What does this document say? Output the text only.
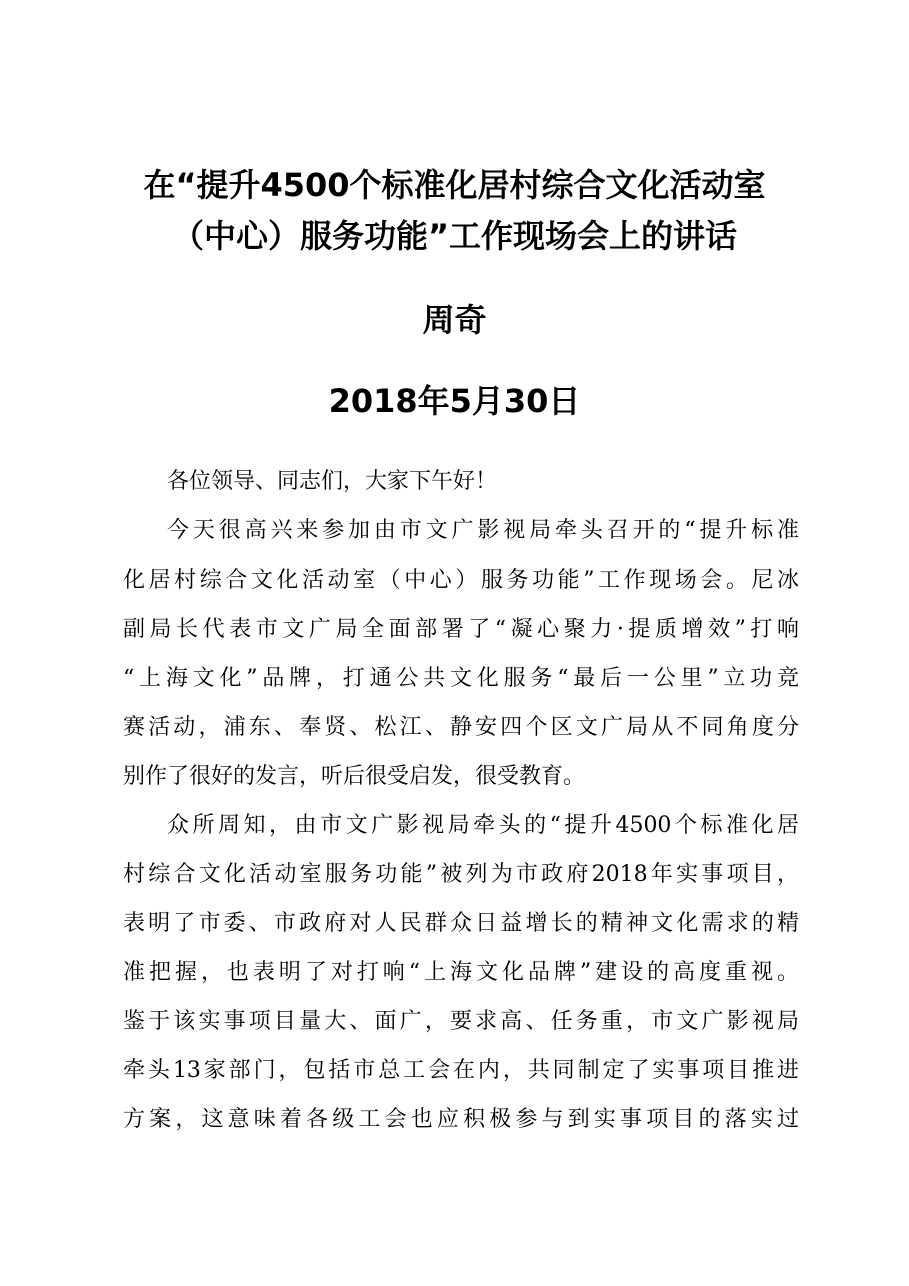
在“提升4500个标准化居村综合文化活动室
（中心）服务功能”工作现场会上的讲话
周奇
2018年5月30日

各位领导、同志们，大家下午好！

今天很高兴来参加由市文广影视局牵头召开的“提升标准

化居村综合文化活动室（中心）服务功能”工作现场会。尼冰

副局长代表市文广局全面部署了“凝心聚力·提质增效”打响

“上海文化”品牌，打通公共文化服务“最后一公里”立功竞

赛活动，浦东、奉贤、松江、静安四个区文广局从不同角度分

别作了很好的发言，听后很受启发，很受教育。

众所周知，由市文广影视局牵头的“提升4500个标准化居

村综合文化活动室服务功能”被列为市政府2018年实事项目，

表明了市委、市政府对人民群众日益增长的精神文化需求的精

准把握，也表明了对打响“上海文化品牌”建设的高度重视。

鉴于该实事项目量大、面广，要求高、任务重，市文广影视局

牵头13家部门，包括市总工会在内，共同制定了实事项目推进

方案，这意味着各级工会也应积极参与到实事项目的落实过
